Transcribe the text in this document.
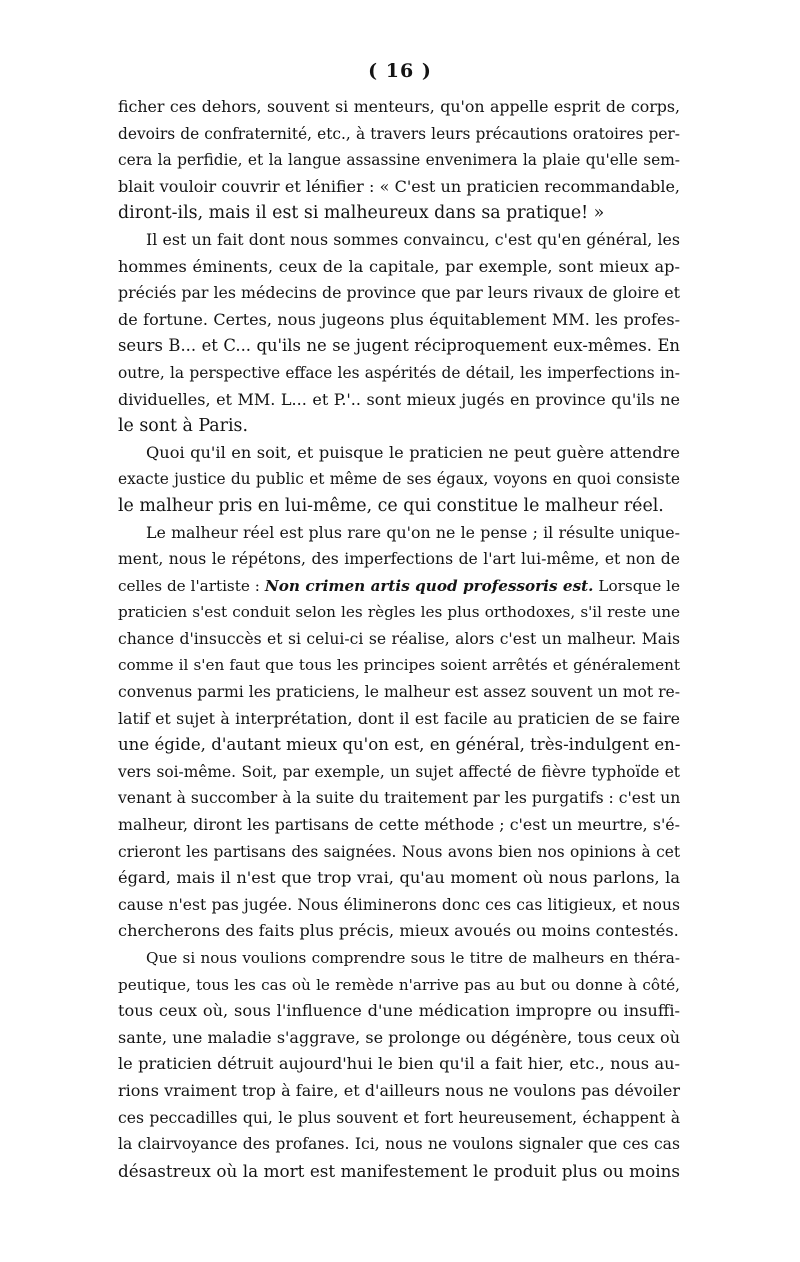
( 16 )
ficher ces dehors, souvent si menteurs, qu'on appelle esprit de corps,
devoirs de confraternité, etc., à travers leurs précautions oratoires per-
cera la perfidie, et la langue assassine envenimera la plaie qu'elle sem-
blait vouloir couvrir et lénifier : « C'est un praticien recommandable,
diront-ils, mais il est si malheureux dans sa pratique! »
Il est un fait dont nous sommes convaincu, c'est qu'en général, les
hommes éminents, ceux de la capitale, par exemple, sont mieux ap-
préciés par les médecins de province que par leurs rivaux de gloire et
de fortune. Certes, nous jugeons plus équitablement MM. les profes-
seurs B... et C... qu'ils ne se jugent réciproquement eux-mêmes. En
outre, la perspective efface les aspérités de détail, les imperfections in-
dividuelles, et MM. L... et P.'.. sont mieux jugés en province qu'ils ne
le sont à Paris.
Quoi qu'il en soit, et puisque le praticien ne peut guère attendre
exacte justice du public et même de ses égaux, voyons en quoi consiste
le malheur pris en lui-même, ce qui constitue le malheur réel.
Le malheur réel est plus rare qu'on ne le pense ; il résulte unique-
ment, nous le répétons, des imperfections de l'art lui-même, et non de
celles de l'artiste : Non crimen artis quod professoris est. Lorsque le
praticien s'est conduit selon les règles les plus orthodoxes, s'il reste une
chance d'insuccès et si celui-ci se réalise, alors c'est un malheur. Mais
comme il s'en faut que tous les principes soient arrêtés et généralement
convenus parmi les praticiens, le malheur est assez souvent un mot re-
latif et sujet à interprétation, dont il est facile au praticien de se faire
une égide, d'autant mieux qu'on est, en général, très-indulgent en-
vers soi-même. Soit, par exemple, un sujet affecté de fièvre typhoïde et
venant à succomber à la suite du traitement par les purgatifs : c'est un
malheur, diront les partisans de cette méthode ; c'est un meurtre, s'é-
crieront les partisans des saignées. Nous avons bien nos opinions à cet
égard, mais il n'est que trop vrai, qu'au moment où nous parlons, la
cause n'est pas jugée. Nous éliminerons donc ces cas litigieux, et nous
chercherons des faits plus précis, mieux avoués ou moins contestés.
Que si nous voulions comprendre sous le titre de malheurs en théra-
peutique, tous les cas où le remède n'arrive pas au but ou donne à côté,
tous ceux où, sous l'influence d'une médication impropre ou insuffi-
sante, une maladie s'aggrave, se prolonge ou dégénère, tous ceux où
le praticien détruit aujourd'hui le bien qu'il a fait hier, etc., nous au-
rions vraiment trop à faire, et d'ailleurs nous ne voulons pas dévoiler
ces peccadilles qui, le plus souvent et fort heureusement, échappent à
la clairvoyance des profanes. Ici, nous ne voulons signaler que ces cas
désastreux où la mort est manifestement le produit plus ou moins
